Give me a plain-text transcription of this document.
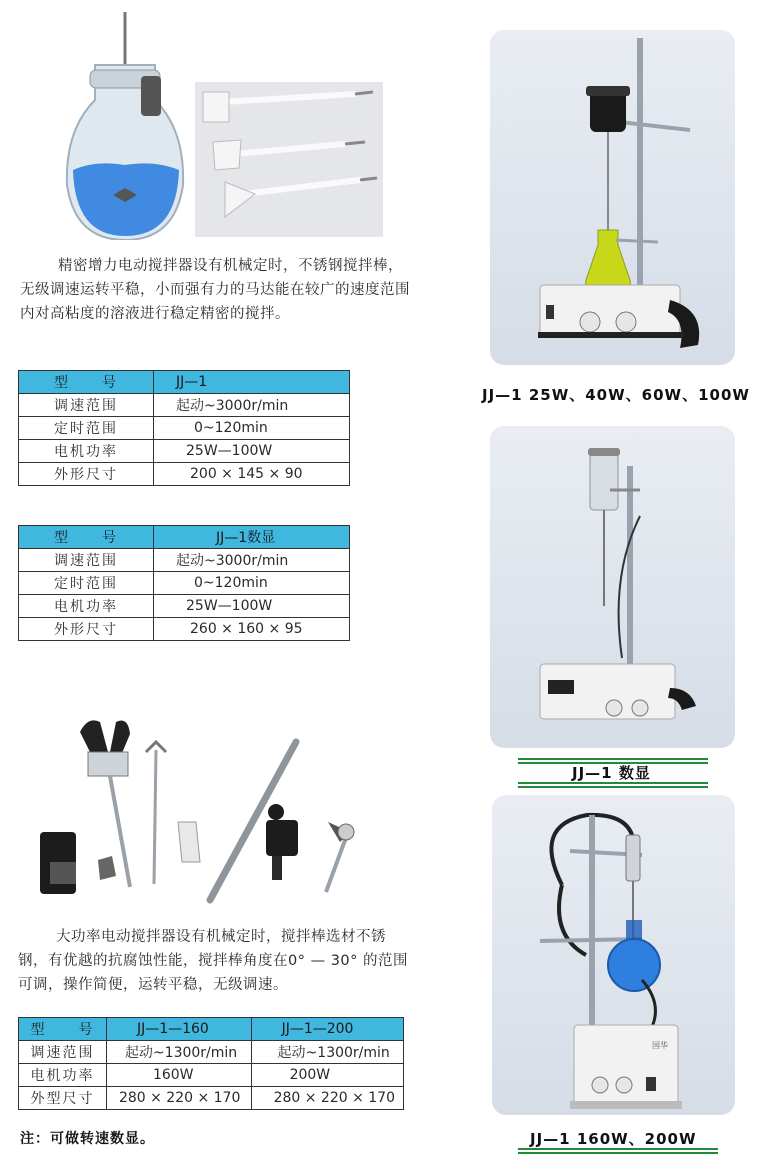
精密增力电动搅拌器设有机械定时，不锈钢搅拌棒，无级调速运转平稳，小而强有力的马达能在较广的速度范围内对高粘度的溶液进行稳定精密的搅拌。
型　　号	JJ—1
调速范围	起动~3000r/min
定时范围	0~120min
电机功率	25W—100W
外形尺寸	200 × 145 × 90
型　　号	JJ—1数显
调速范围	起动~3000r/min
定时范围	0~120min
电机功率	25W—100W
外形尺寸	260 × 160 × 95
大功率电动搅拌器设有机械定时，搅拌棒选材不锈钢，有优越的抗腐蚀性能，搅拌棒角度在0° — 30° 的范围可调，操作简便，运转平稳，无级调速。
型　　号	JJ—1—160	JJ—1—200
调速范围	起动~1300r/min	起动~1300r/min
电机功率	160W	200W
外型尺寸	280 × 220 × 170	280 × 220 × 170
注：可做转速数显。
JJ—1 25W、40W、60W、100W
JJ—1 数显
国华
JJ—1 160W、200W
